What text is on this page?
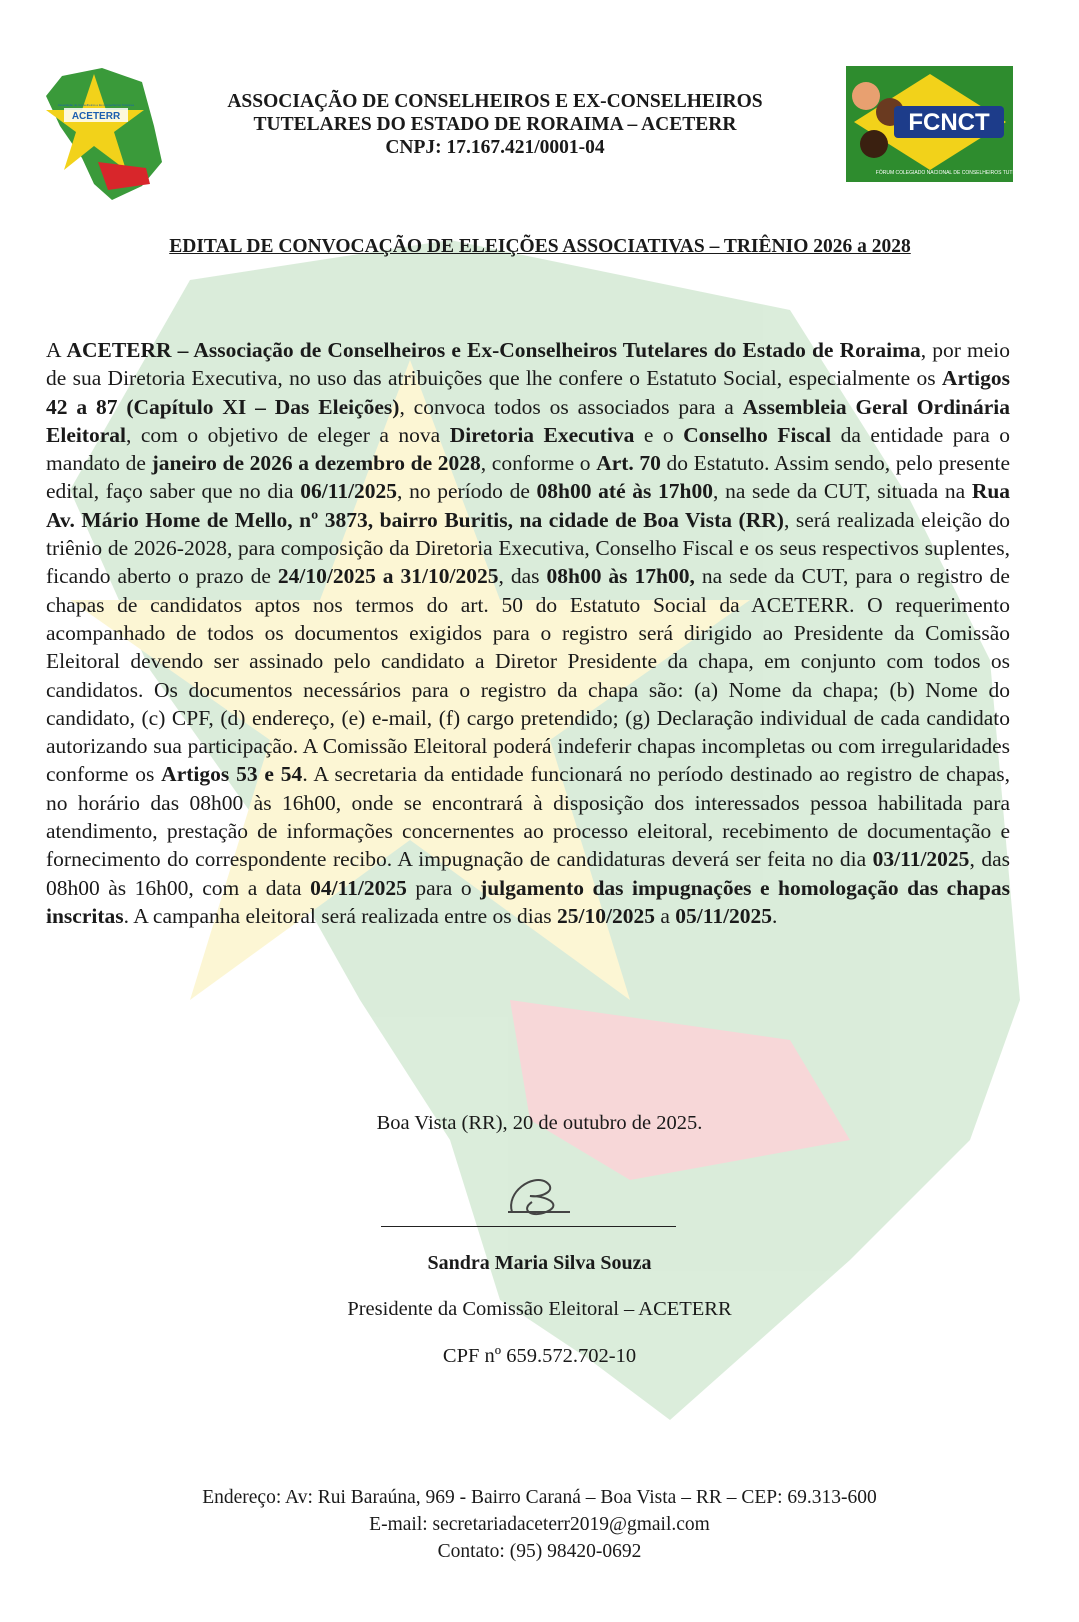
ACETERR
Associação de Conselheiros e Ex-Conselheiros Tutelares
FCNCT
FÓRUM COLEGIADO NACIONAL DE CONSELHEIROS TUTELARES
ASSOCIAÇÃO DE CONSELHEIROS E EX-CONSELHEIROS
TUTELARES DO ESTADO DE RORAIMA – ACETERR
CNPJ: 17.167.421/0001-04
EDITAL DE CONVOCAÇÃO DE ELEIÇÕES ASSOCIATIVAS – TRIÊNIO 2026 a 2028
A ACETERR – Associação de Conselheiros e Ex-Conselheiros Tutelares do Estado de Roraima, por meio de sua Diretoria Executiva, no uso das atribuições que lhe confere o Estatuto Social, especialmente os Artigos 42 a 87 (Capítulo XI – Das Eleições), convoca todos os associados para a Assembleia Geral Ordinária Eleitoral, com o objetivo de eleger a nova Diretoria Executiva e o Conselho Fiscal da entidade para o mandato de janeiro de 2026 a dezembro de 2028, conforme o Art. 70 do Estatuto. Assim sendo, pelo presente edital, faço saber que no dia 06/11/2025, no período de 08h00 até às 17h00, na sede da CUT, situada na Rua Av. Mário Home de Mello, nº 3873, bairro Buritis, na cidade de Boa Vista (RR), será realizada eleição do triênio de 2026-2028, para composição da Diretoria Executiva, Conselho Fiscal e os seus respectivos suplentes, ficando aberto o prazo de 24/10/2025 a 31/10/2025, das 08h00 às 17h00, na sede da CUT, para o registro de chapas de candidatos aptos nos termos do art. 50 do Estatuto Social da ACETERR. O requerimento acompanhado de todos os documentos exigidos para o registro será dirigido ao Presidente da Comissão Eleitoral devendo ser assinado pelo candidato a Diretor Presidente da chapa, em conjunto com todos os candidatos. Os documentos necessários para o registro da chapa são: (a) Nome da chapa; (b) Nome do candidato, (c) CPF, (d) endereço, (e) e-mail, (f) cargo pretendido; (g) Declaração individual de cada candidato autorizando sua participação. A Comissão Eleitoral poderá indeferir chapas incompletas ou com irregularidades conforme os Artigos 53 e 54. A secretaria da entidade funcionará no período destinado ao registro de chapas, no horário das 08h00 às 16h00, onde se encontrará à disposição dos interessados pessoa habilitada para atendimento, prestação de informações concernentes ao processo eleitoral, recebimento de documentação e fornecimento do correspondente recibo. A impugnação de candidaturas deverá ser feita no dia 03/11/2025, das 08h00 às 16h00, com a data 04/11/2025 para o julgamento das impugnações e homologação das chapas inscritas. A campanha eleitoral será realizada entre os dias 25/10/2025 a 05/11/2025.
Boa Vista (RR), 20 de outubro de 2025.
Sandra Maria Silva Souza
Presidente da Comissão Eleitoral – ACETERR
CPF nº 659.572.702-10
Endereço: Av: Rui Baraúna, 969 - Bairro Caraná – Boa Vista – RR – CEP: 69.313-600
E-mail: secretariadaceterr2019@gmail.com
Contato: (95) 98420-0692
